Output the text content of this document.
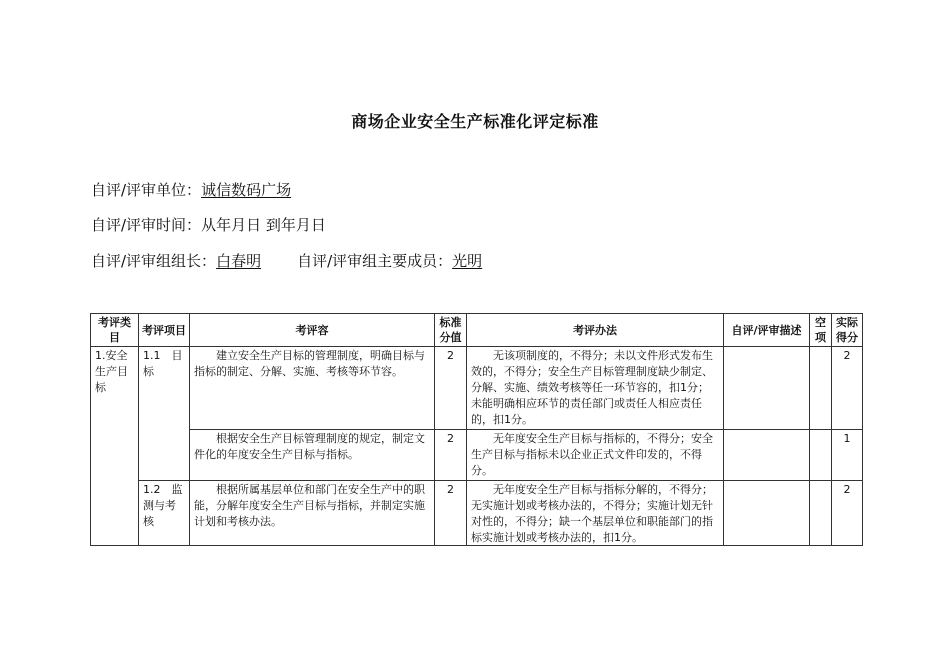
商场企业安全生产标准化评定标准
自评/评审单位：诚信数码广场
自评/评审时间：从年月日 到年月日
自评/评审组组长：白春明 自评/评审组主要成员：光明
考评类目	考评项目	考评容	标准分值	考评办法	自评/评审描述	空项	实际得分
1.安全生产目标	1.1　目标	建立安全生产目标的管理制度，明确目标与指标的制定、分解、实施、考核等环节容。	2	无该项制度的，不得分；未以文件形式发布生效的，不得分；安全生产目标管理制度缺少制定、分解、实施、绩效考核等任一环节容的，扣1分；未能明确相应环节的责任部门或责任人相应责任的，扣1分。			2
		根据安全生产目标管理制度的规定，制定文件化的年度安全生产目标与指标。	2	无年度安全生产目标与指标的，不得分；安全生产目标与指标未以企业正式文件印发的，不得分。			1
	1.2　监测与考核	根据所属基层单位和部门在安全生产中的职能，分解年度安全生产目标与指标，并制定实施计划和考核办法。	2	无年度安全生产目标与指标分解的，不得分；无实施计划或考核办法的，不得分；实施计划无针对性的，不得分；缺一个基层单位和职能部门的指标实施计划或考核办法的，扣1分。			2
